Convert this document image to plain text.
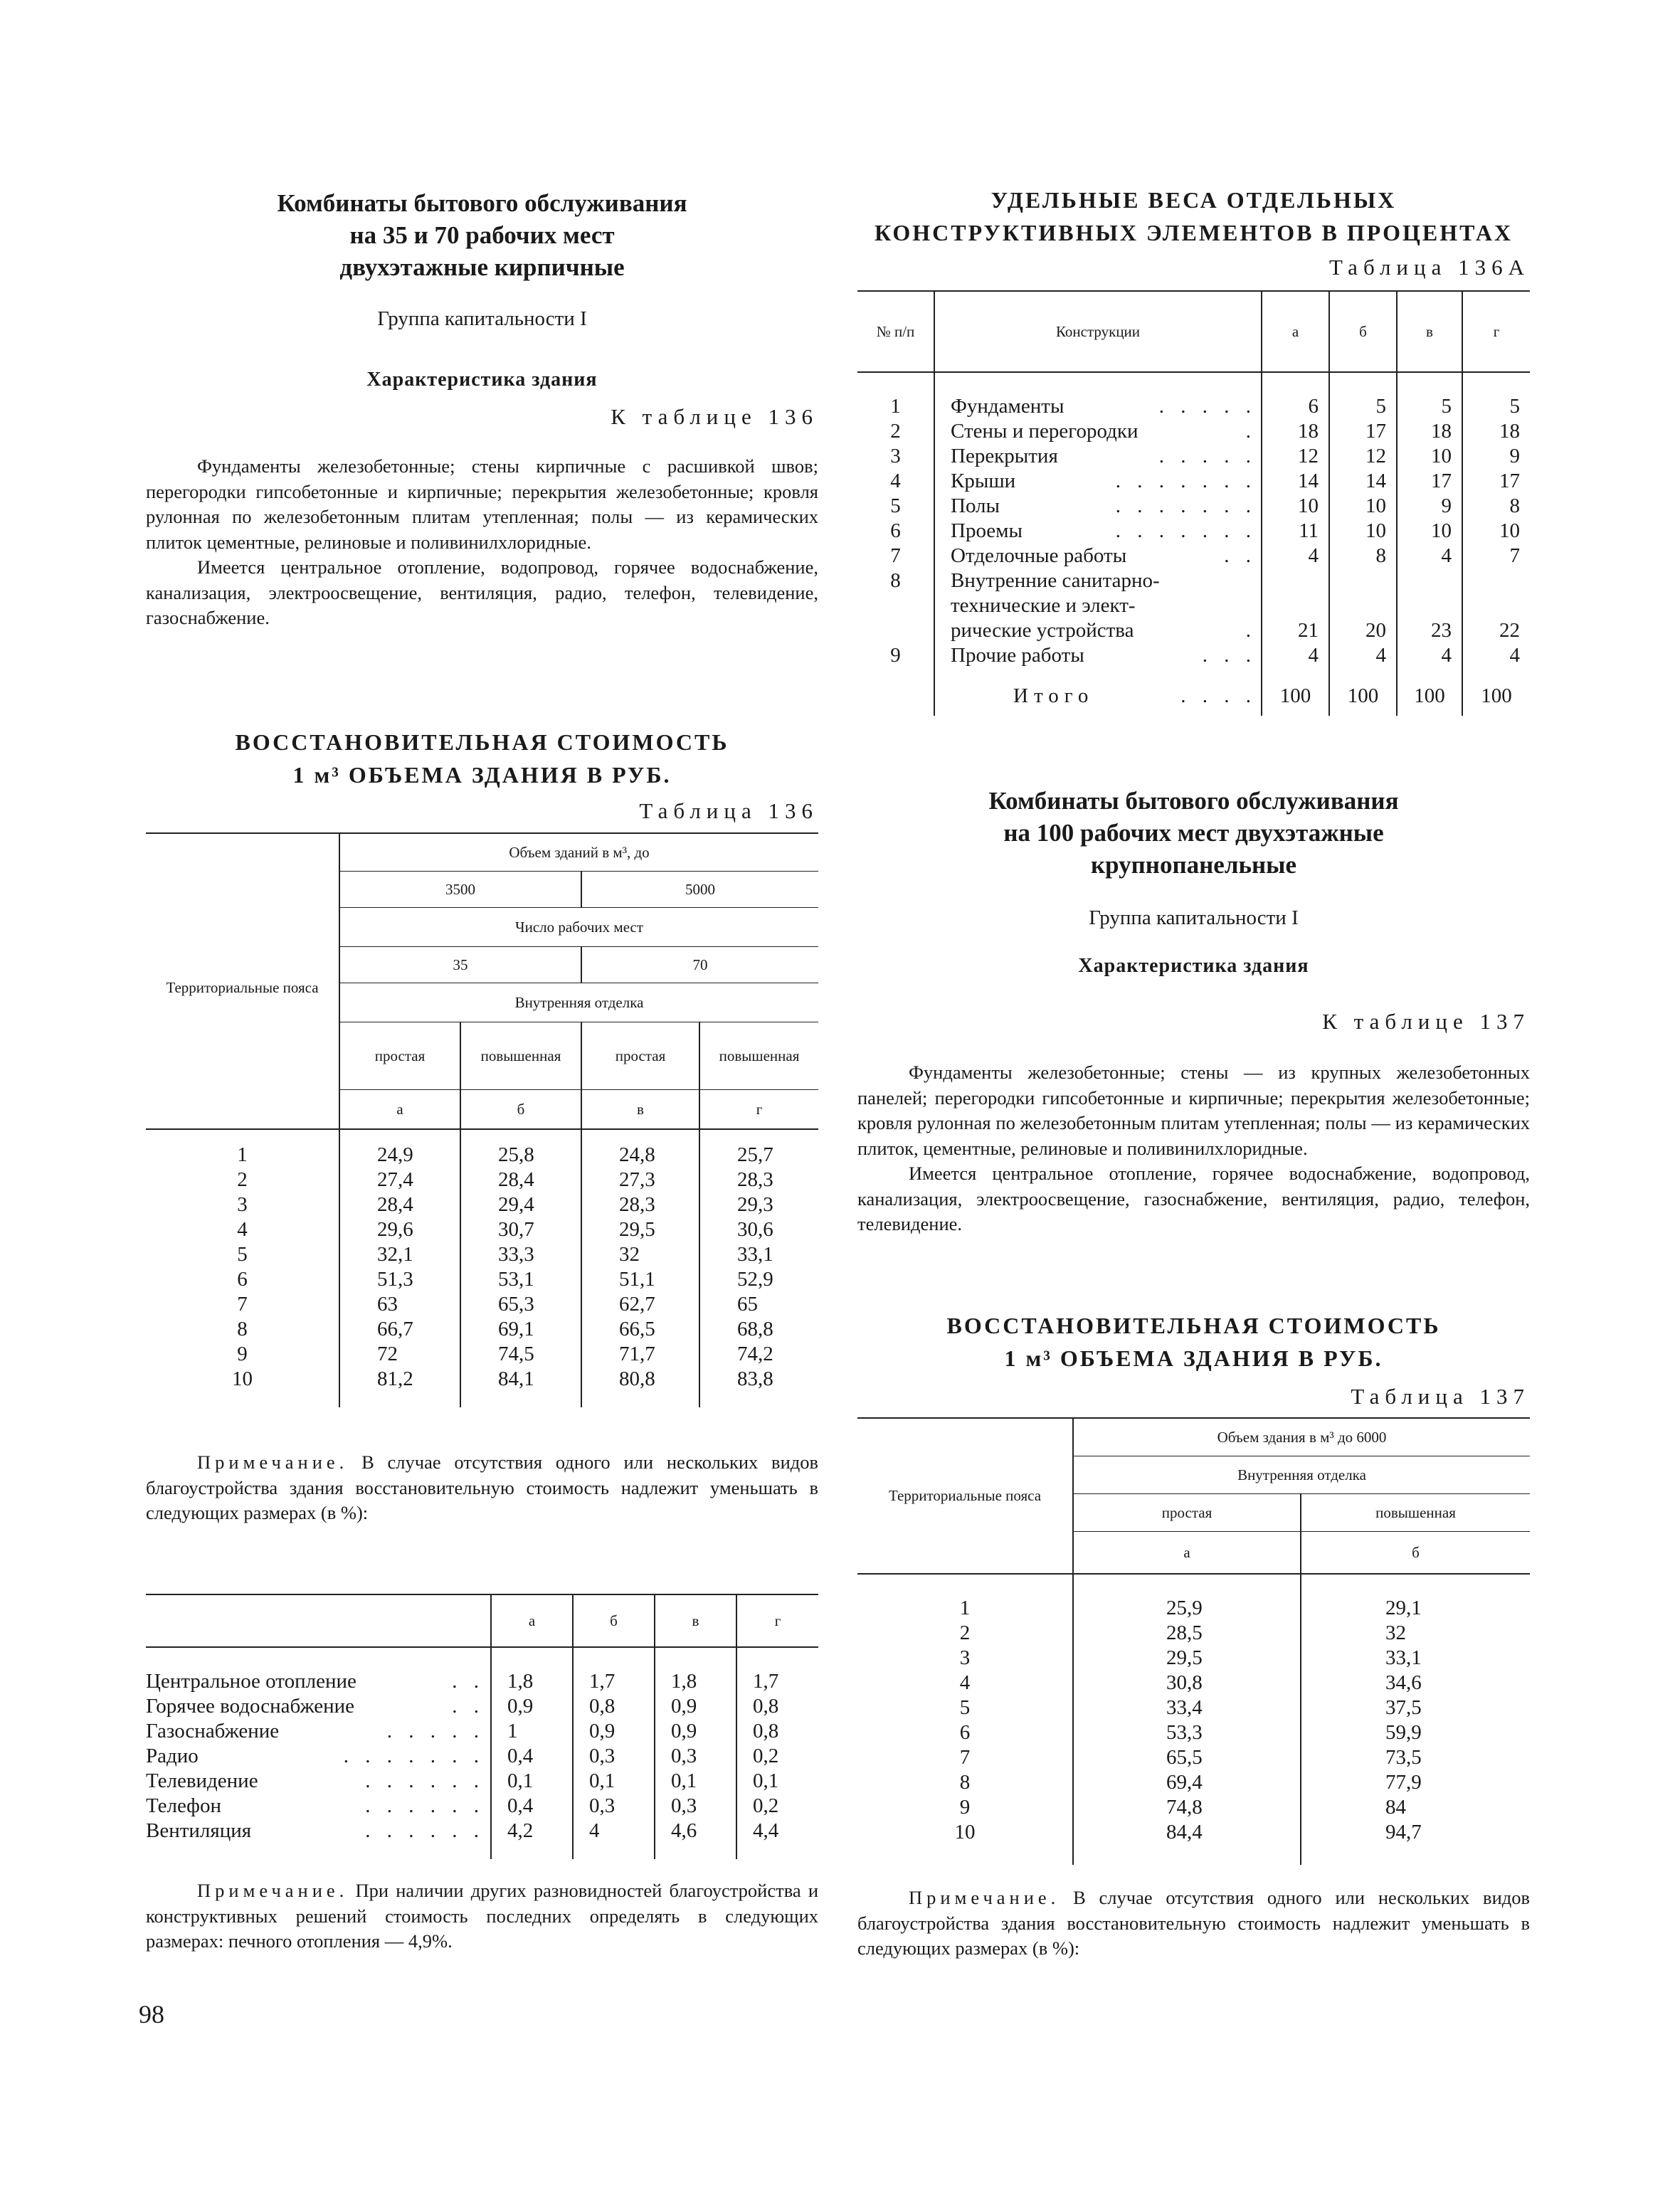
Комбинаты бытового обслуживания

на 35 и 70 рабочих мест

двухэтажные кирпичные

Группа капитальности I
Характеристика здания
К таблице 136

Фундаменты железобетонные; стены кирпичные с расшивкой швов; перегородки гипсобетонные и кирпичные; перекрытия железобетонные; кровля рулонная по железобетонным плитам утепленная; полы — из керамических плиток цементные, релиновые и поливинилхлоридные.

Имеется центральное отопление, водопровод, горячее водоснабжение, канализация, электроосвещение, вентиляция, радио, телефон, телевидение, газоснабжение.

ВОССТАНОВИТЕЛЬНАЯ СТОИМОСТЬ

1 м³ ОБЪЕМА ЗДАНИЯ В РУБ.

Таблица 136
Территориальные пояса	Объем зданий в м³, до			
	3500		5000	
	Число рабочих мест			
	35		70	
	Внутренняя отделка			
	простая	повышенная	простая	повышенная
	а	б	в	г
1	24,9	25,8	24,8	25,7
2	27,4	28,4	27,3	28,3
3	28,4	29,4	28,3	29,3
4	29,6	30,7	29,5	30,6
5	32,1	33,3	32	33,1
6	51,3	53,1	51,1	52,9
7	63	65,3	62,7	65
8	66,7	69,1	66,5	68,8
9	72	74,5	71,7	74,2
10	81,2	84,1	80,8	83,8

Примечание. В случае отсутствия одного или нескольких видов благоустройства здания восстановительную стоимость надлежит уменьшать в следующих размерах (в %):

	а	б	в	г
Центральное отопление . .	1,8	1,7	1,8	1,7
Горячее водоснабжение . .	0,9	0,8	0,9	0,8
Газоснабжение . . . . .	1	0,9	0,9	0,8
Радио . . . . . . .	0,4	0,3	0,3	0,2
Телевидение . . . . . .	0,1	0,1	0,1	0,1
Телефон . . . . . .	0,4	0,3	0,3	0,2
Вентиляция . . . . . .	4,2	4	4,6	4,4

Примечание. При наличии других разновидностей благоустройства и конструктивных решений стоимость последних определять в следующих размерах: печного отопления — 4,9%.

98

УДЕЛЬНЫЕ ВЕСА ОТДЕЛЬНЫХ

КОНСТРУКТИВНЫХ ЭЛЕМЕНТОВ В ПРОЦЕНТАХ

Таблица 136А
№ п/п	Конструкции	а	б	в	г
1	Фундаменты . . . . .	6	5	5	5
2	Стены и перегородки .	18	17	18	18
3	Перекрытия . . . . .	12	12	10	9
4	Крыши . . . . . . .	14	14	17	17
5	Полы . . . . . . .	10	10	9	8
6	Проемы . . . . . . .	11	10	10	10
7	Отделочные работы . .	4	8	4	7
8	Внутренние санитарно-
технические и элект-
рические устройства .	21	20	23	22
9	Прочие работы . . .	4	4	4	4
	Итого . . . .	100	100	100	100

Комбинаты бытового обслуживания

на 100 рабочих мест двухэтажные

крупнопанельные

Группа капитальности I
Характеристика здания
К таблице 137

Фундаменты железобетонные; стены — из крупных железобетонных панелей; перегородки гипсобетонные и кирпичные; перекрытия железобетонные; кровля рулонная по железобетонным плитам утепленная; полы — из керамических плиток, цементные, релиновые и поливинилхлоридные.

Имеется центральное отопление, горячее водоснабжение, водопровод, канализация, электроосвещение, газоснабжение, вентиляция, радио, телефон, телевидение.

ВОССТАНОВИТЕЛЬНАЯ СТОИМОСТЬ

1 м³ ОБЪЕМА ЗДАНИЯ В РУБ.

Таблица 137
Территориальные пояса	Объем здания в м³ до 6000	
	Внутренняя отделка	
	простая	повышенная
	а	б
1	25,9	29,1
2	28,5	32
3	29,5	33,1
4	30,8	34,6
5	33,4	37,5
6	53,3	59,9
7	65,5	73,5
8	69,4	77,9
9	74,8	84
10	84,4	94,7

Примечание. В случае отсутствия одного или нескольких видов благоустройства здания восстановительную стоимость надлежит уменьшать в следующих размерах (в %):
